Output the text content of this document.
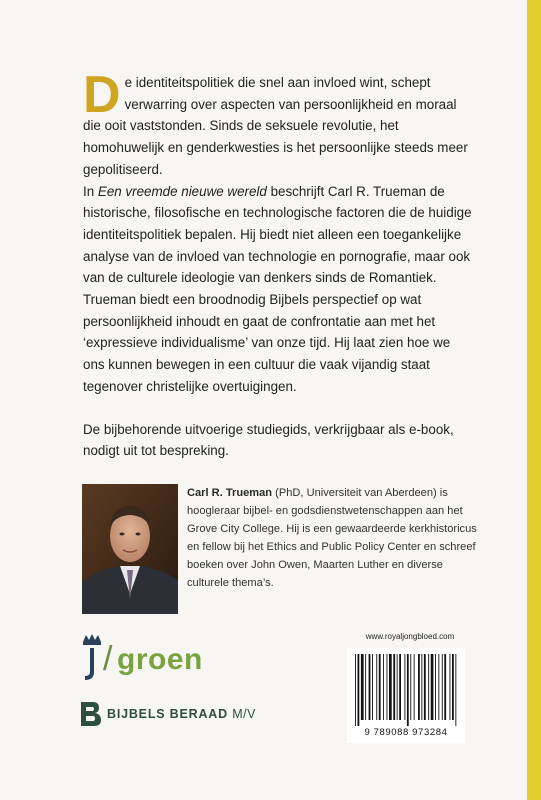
De identiteitspolitiek die snel aan invloed wint, schept verwarring over aspecten van persoonlijkheid en moraal die ooit vaststonden. Sinds de seksuele revolutie, het homohuwelijk en genderkwesties is het persoonlijke steeds meer gepolitiseerd.

In Een vreemde nieuwe wereld beschrijft Carl R. Trueman de historische, filosofische en technologische factoren die de huidige identiteitspolitiek bepalen. Hij biedt niet alleen een toegankelijke analyse van de invloed van technologie en pornografie, maar ook van de culturele ideologie van denkers sinds de Romantiek. Trueman biedt een broodnodig Bijbels perspectief op wat persoonlijkheid inhoudt en gaat de confrontatie aan met het ‘expressieve individualisme’ van onze tijd. Hij laat zien hoe we ons kunnen bewegen in een cultuur die vaak vijandig staat tegenover christelijke overtuigingen.

De bijbehorende uitvoerige studiegids, verkrijgbaar als e-book, nodigt uit tot bespreking.

Carl R. Trueman (PhD, Universiteit van Aberdeen) is hoogleraar bijbel- en godsdienstwetenschappen aan het Grove City College. Hij is een gewaardeerde kerkhistoricus en fellow bij het Ethics and Public Policy Center en schreef boeken over John Owen, Maarten Luther en diverse culturele thema’s.
/ groen
BIJBELS BERAAD M/V
www.royaljongbloed.com
9 789088 973284
